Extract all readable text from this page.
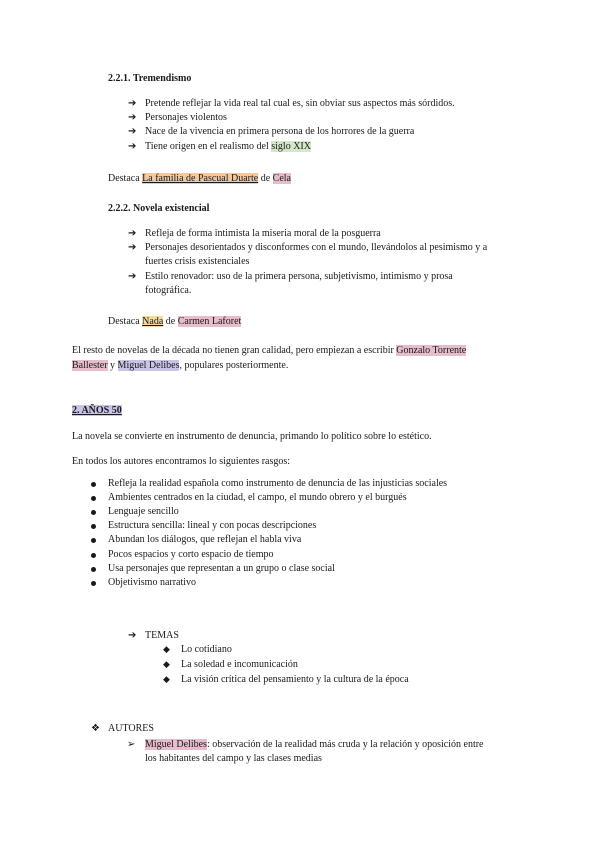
2.2.1. Tremendismo
➔ Pretende reflejar la vida real tal cual es, sin obviar sus aspectos más sórdidos.
➔ Personajes violentos
➔ Nace de la vivencia en primera persona de los horrores de la guerra
➔ Tiene origen en el realismo del siglo XIX
Destaca La familia de Pascual Duarte de Cela
2.2.2. Novela existencial
➔ Refleja de forma intimista la miseria moral de la posguerra
➔ Personajes desorientados y disconformes con el mundo, llevándolos al pesimismo y a
fuertes crisis existenciales
➔ Estilo renovador: uso de la primera persona, subjetivismo, intimismo y prosa
fotográfica.
Destaca Nada de Carmen Laforet
El resto de novelas de la década no tienen gran calidad, pero empiezan a escribir Gonzalo Torrente
Ballester y Miguel Delibes, populares posteriormente.
2. AÑOS 50
La novela se convierte en instrumento de denuncia, primando lo político sobre lo estético.
En todos los autores encontramos lo siguientes rasgos:
Refleja la realidad española como instrumento de denuncia de las injusticias sociales
Ambientes centrados en la ciudad, el campo, el mundo obrero y el burgués
Lenguaje sencillo
Estructura sencilla: lineal y con pocas descripciones
Abundan los diálogos, que reflejan el habla viva
Pocos espacios y corto espacio de tiempo
Usa personajes que representan a un grupo o clase social
Objetivismo narrativo
➔ TEMAS
◆ Lo cotidiano
◆ La soledad e incomunicación
◆ La visión crítica del pensamiento y la cultura de la época
❖ AUTORES
➢ Miguel Delibes: observación de la realidad más cruda y la relación y oposición entre
los habitantes del campo y las clases medias
